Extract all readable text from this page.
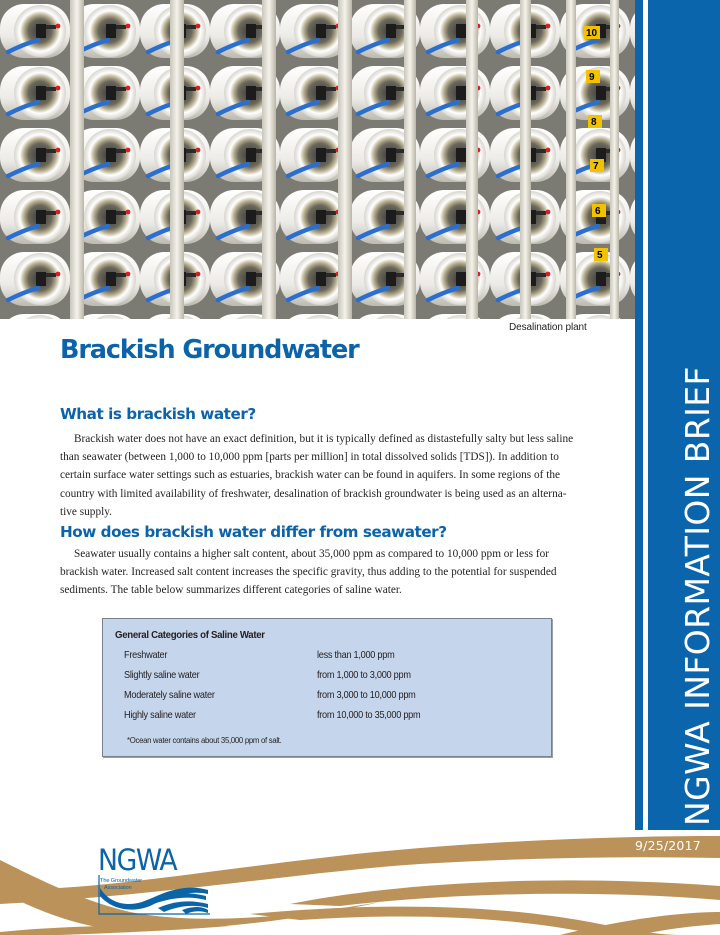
10
9
8
7
6
5
Desalination plant
NGWA INFORMATION BRIEF
Brackish Groundwater
What is brackish water?
Brackish water does not have an exact definition, but it is typically defined as distastefully salty but less saline
than seawater (between 1,000 to 10,000 ppm [parts per million] in total dissolved solids [TDS]). In addition to
certain surface water settings such as estuaries, brackish water can be found in aquifers. In some regions of the
country with limited availability of freshwater, desalination of brackish groundwater is being used as an alterna-
tive supply.
How does brackish water differ from seawater?
Seawater usually contains a higher salt content, about 35,000 ppm as compared to 10,000 ppm or less for
brackish water. Increased salt content increases the specific gravity, thus adding to the potential for suspended
sediments. The table below summarizes different categories of saline water.
General Categories of Saline Water
Freshwater	less than 1,000 ppm
Slightly saline water	from 1,000 to 3,000 ppm
Moderately saline water	from 3,000 to 10,000 ppm
Highly saline water	from 10,000 to 35,000 ppm
*Ocean water contains about 35,000 ppm of salt.
9/25/2017
NGWA
The Groundwater
Association
